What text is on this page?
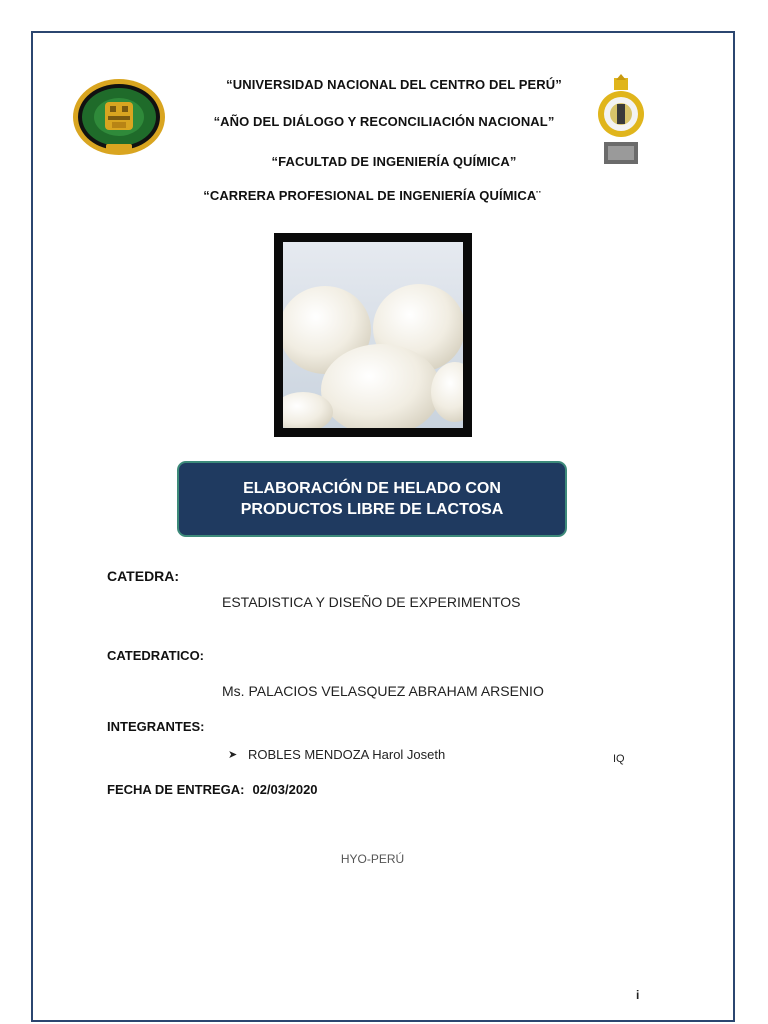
“UNIVERSIDAD NACIONAL DEL CENTRO DEL PERÚ”
“AÑO DEL DIÁLOGO Y RECONCILIACIÓN NACIONAL”
“FACULTAD DE INGENIERÍA QUÍMICA”
“CARRERA PROFESIONAL DE INGENIERÍA QUÍMICA¨
ELABORACIÓN DE HELADO CON
PRODUCTOS LIBRE DE LACTOSA
CATEDRA:
ESTADISTICA Y DISEÑO DE EXPERIMENTOS
CATEDRATICO:
Ms. PALACIOS VELASQUEZ ABRAHAM ARSENIO
INTEGRANTES:
➤ ROBLES MENDOZA Harol Joseth	IQ
FECHA DE ENTREGA: 02/03/2020
HYO-PERÚ
i
